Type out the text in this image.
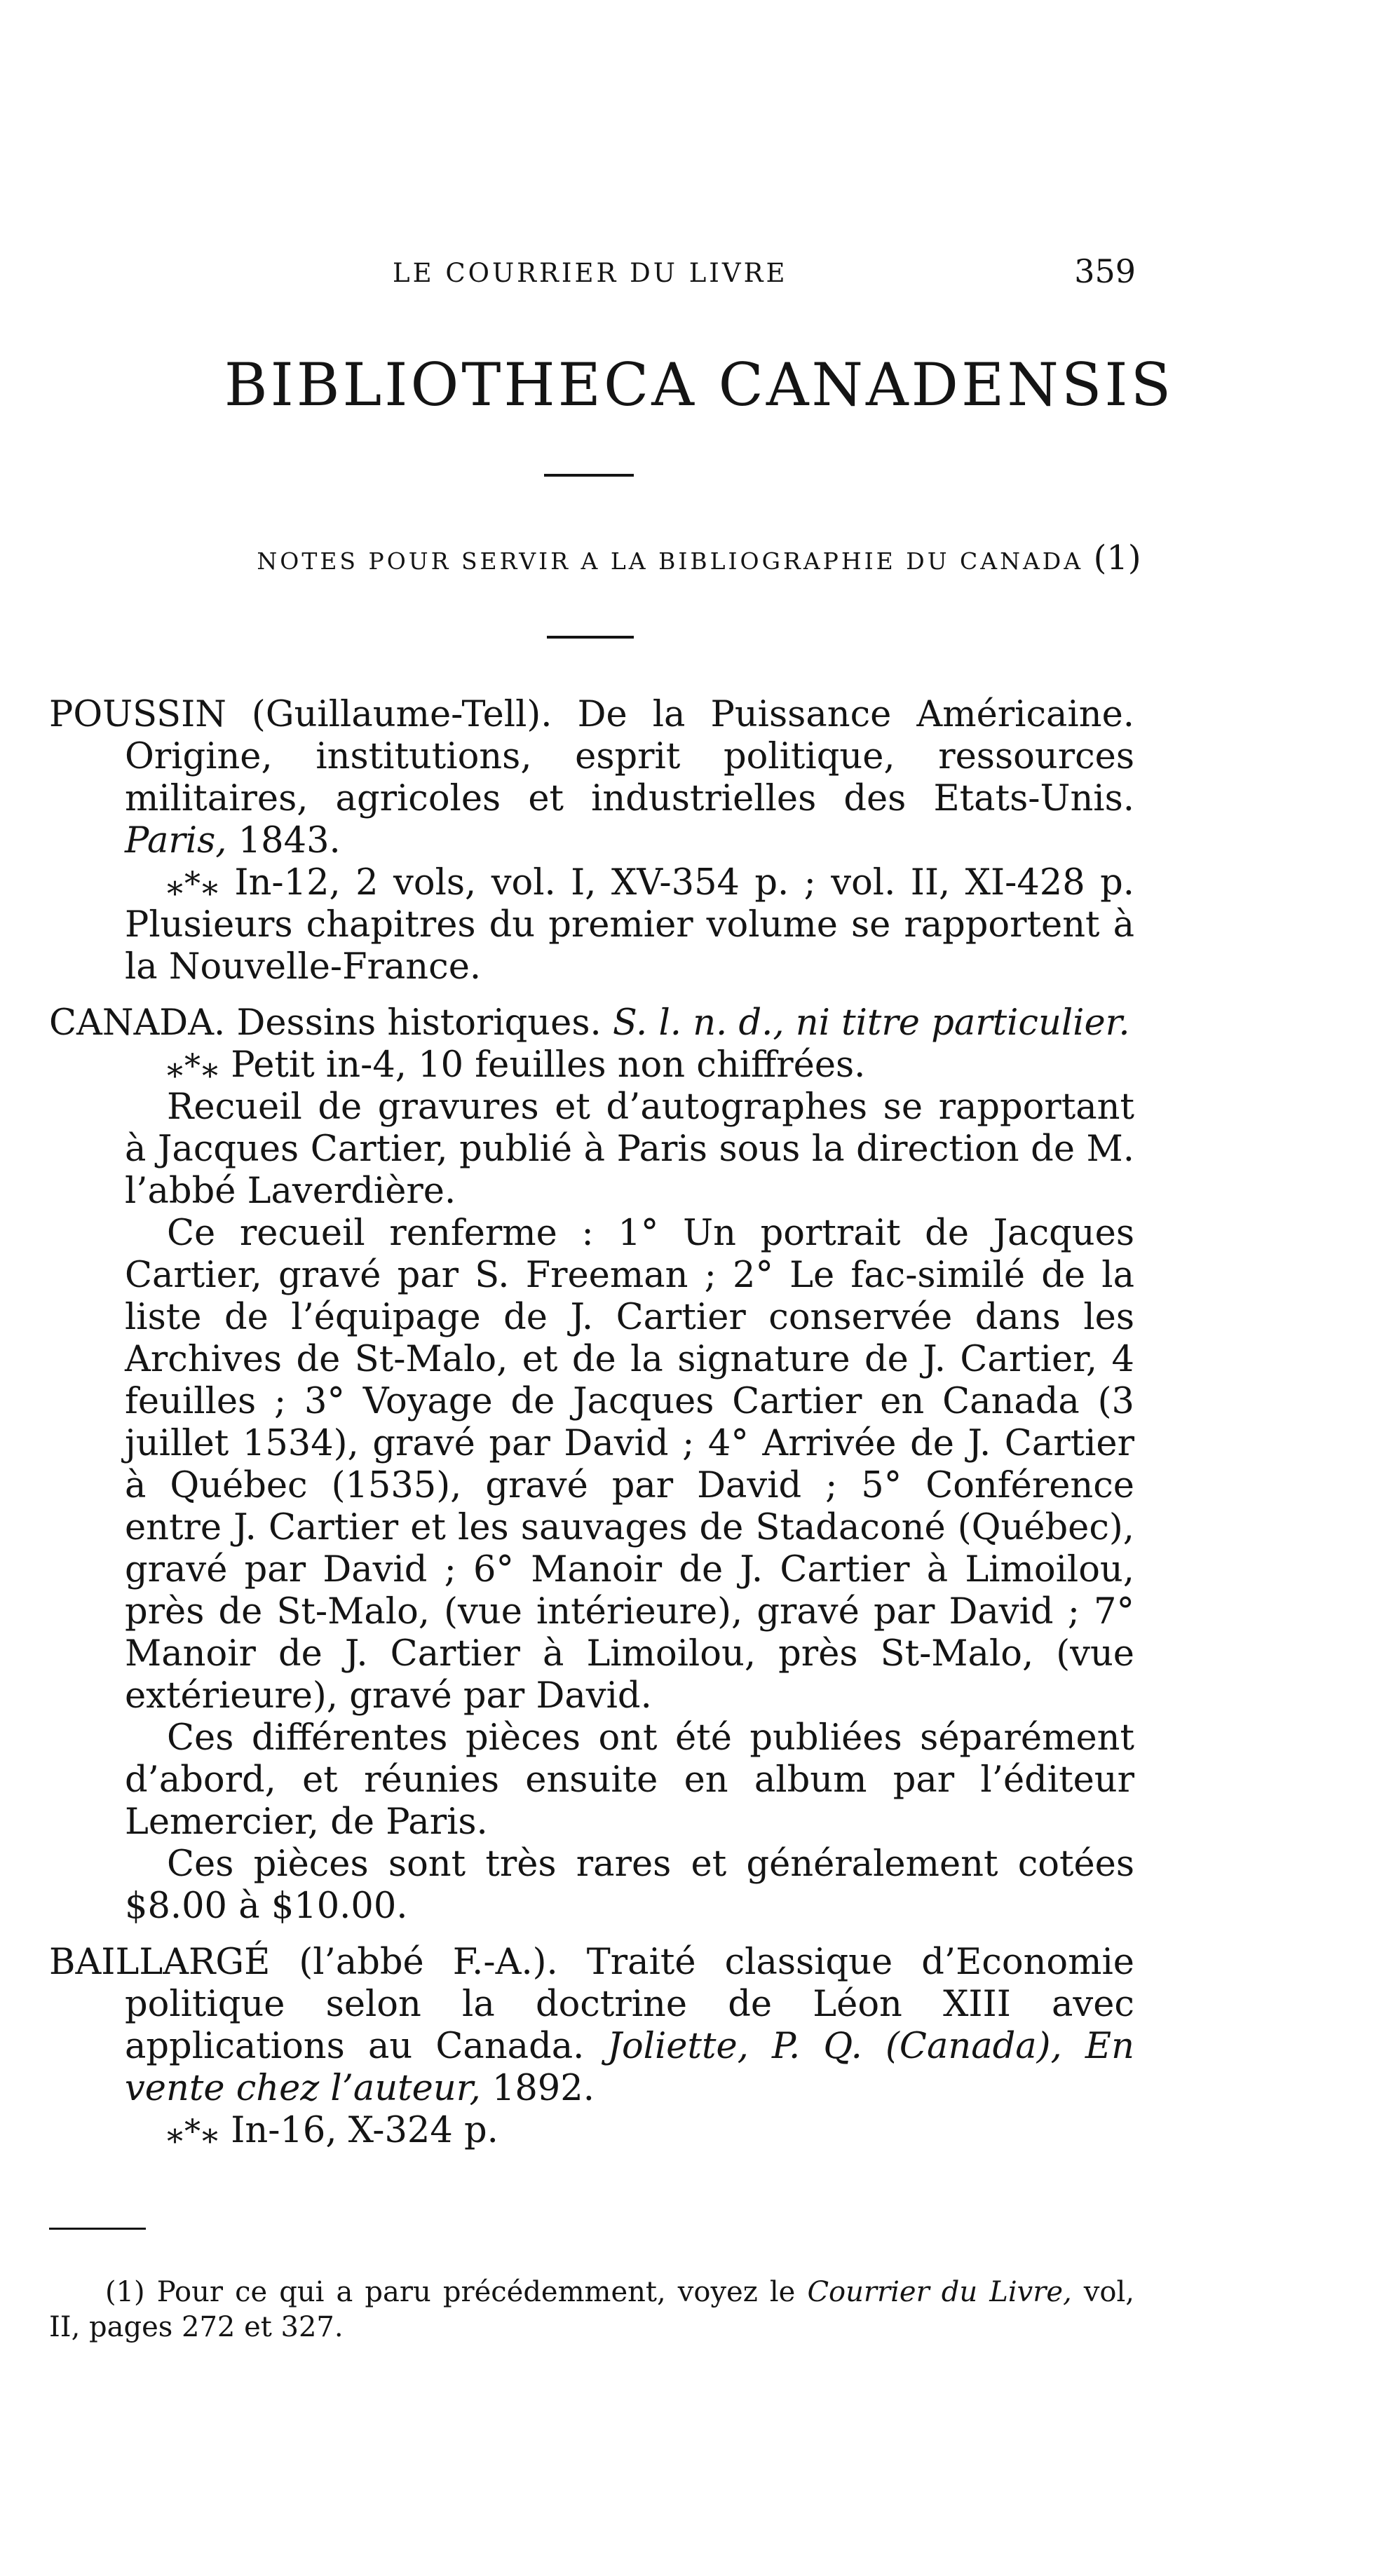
LE COURRIER DU LIVRE	359
BIBLIOTHECA CANADENSIS
NOTES POUR SERVIR A LA BIBLIOGRAPHIE DU CANADA (1)

POUSSIN (Guillaume-Tell). De la Puissance Américaine. Origine, institutions, esprit politique, ressources militaires, agricoles et industrielles des Etats-Unis. Paris, 1843.

⁎*⁎ In-12, 2 vols, vol. I, XV-354 p. ; vol. II, XI-428 p. Plusieurs chapitres du premier volume se rapportent à la Nouvelle-France.

CANADA. Dessins historiques. S. l. n. d., ni titre particulier.

⁎*⁎ Petit in-4, 10 feuilles non chiffrées.

Recueil de gravures et d’autographes se rapportant à Jacques Cartier, publié à Paris sous la direction de M. l’abbé Laverdière.

Ce recueil renferme : 1° Un portrait de Jacques Cartier, gravé par S. Freeman ; 2° Le fac-similé de la liste de l’équipage de J. Cartier conservée dans les Archives de St-Malo, et de la signature de J. Cartier, 4 feuilles ; 3° Voyage de Jacques Cartier en Canada (3 juillet 1534), gravé par David ; 4° Arrivée de J. Cartier à Québec (1535), gravé par David ; 5° Conférence entre J. Cartier et les sauvages de Stadaconé (Québec), gravé par David ; 6° Manoir de J. Cartier à Limoilou, près de St-Malo, (vue intérieure), gravé par David ; 7° Manoir de J. Cartier à Limoilou, près St-Malo, (vue extérieure), gravé par David.

Ces différentes pièces ont été publiées séparément d’abord, et réunies ensuite en album par l’éditeur Lemercier, de Paris.

Ces pièces sont très rares et généralement cotées $8.00 à $10.00.

BAILLARGÉ (l’abbé F.-A.). Traité classique d’Economie politique selon la doctrine de Léon XIII avec applications au Canada. Joliette, P. Q. (Canada), En vente chez l’auteur, 1892.

⁎*⁎ In-16, X-324 p.

(1) Pour ce qui a paru précédemment, voyez le Courrier du Livre, vol, II, pages 272 et 327.
